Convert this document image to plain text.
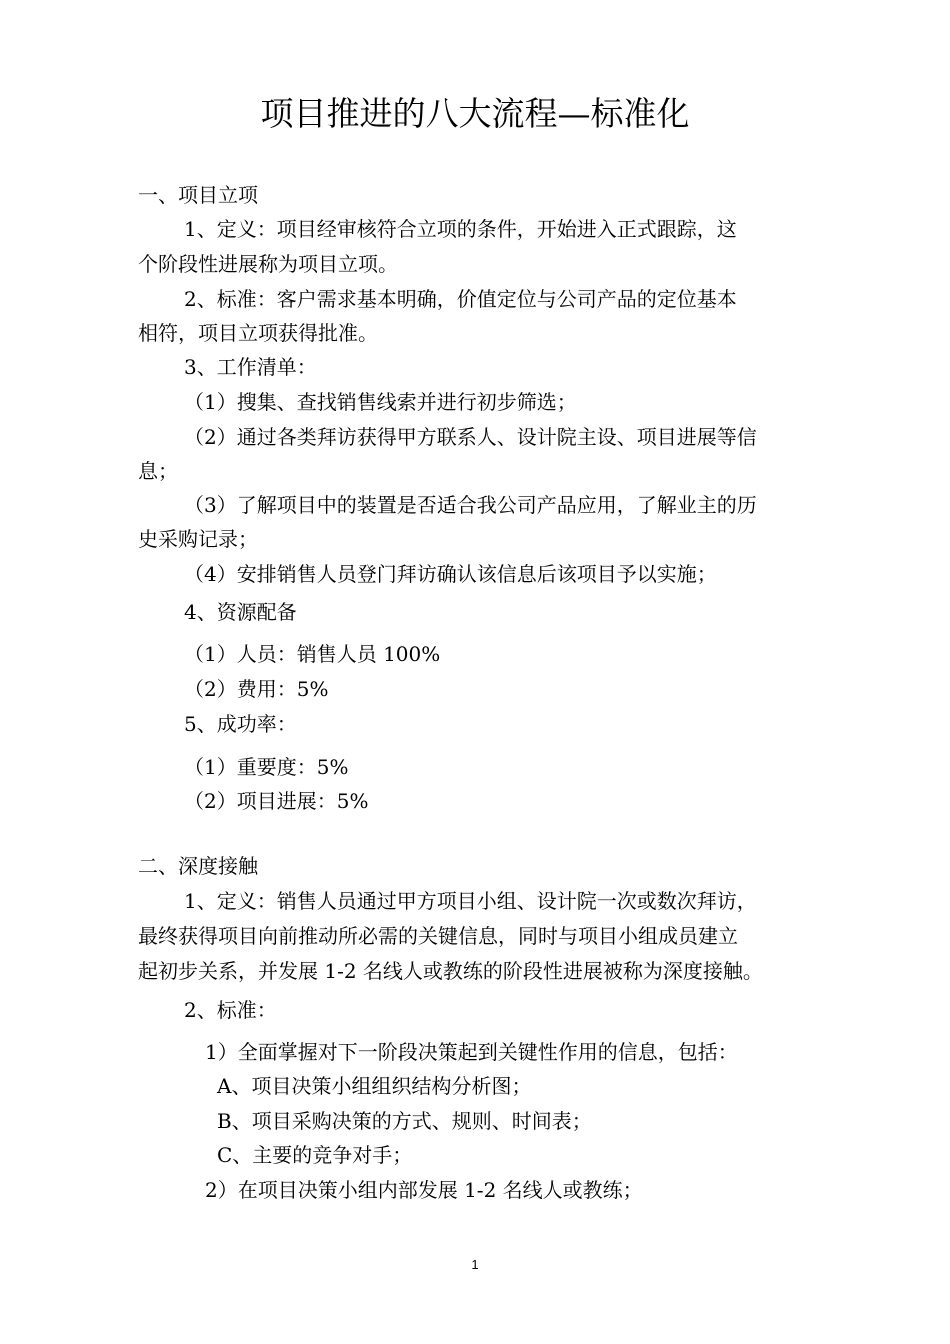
项目推进的八大流程—标准化
一、项目立项
1、定义：项目经审核符合立项的条件，开始进入正式跟踪，这
个阶段性进展称为项目立项。
2、标准：客户需求基本明确，价值定位与公司产品的定位基本
相符，项目立项获得批准。
3、工作清单：
（1）搜集、查找销售线索并进行初步筛选；
（2）通过各类拜访获得甲方联系人、设计院主设、项目进展等信
息；
（3）了解项目中的装置是否适合我公司产品应用，了解业主的历
史采购记录；
（4）安排销售人员登门拜访确认该信息后该项目予以实施；
4、资源配备
（1）人员：销售人员 100%
（2）费用：5%
5、成功率：
（1）重要度：5%
（2）项目进展：5%
二、深度接触
1、定义：销售人员通过甲方项目小组、设计院一次或数次拜访，
最终获得项目向前推动所必需的关键信息，同时与项目小组成员建立
起初步关系，并发展 1-2 名线人或教练的阶段性进展被称为深度接触。
2、标准：
1）全面掌握对下一阶段决策起到关键性作用的信息，包括：
A、项目决策小组组织结构分析图；
B、项目采购决策的方式、规则、时间表；
C、主要的竞争对手；
2）在项目决策小组内部发展 1-2 名线人或教练；
1
